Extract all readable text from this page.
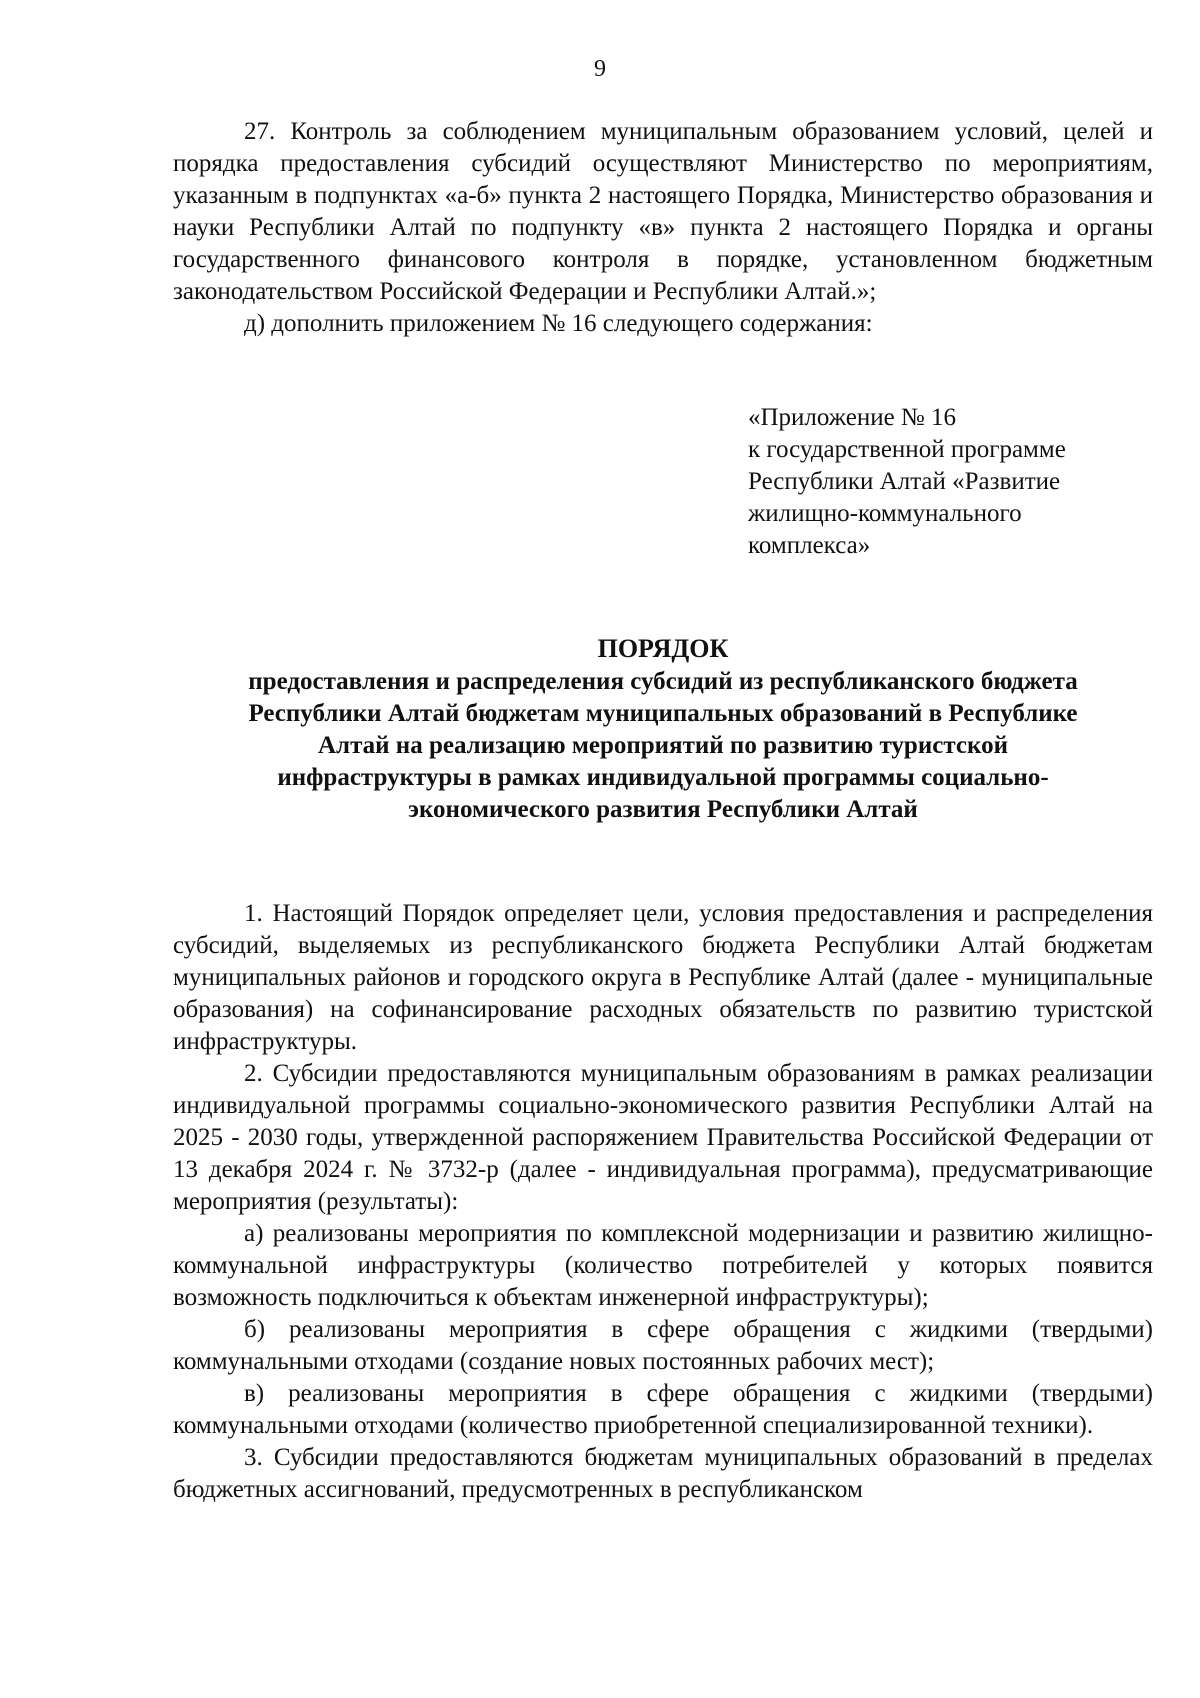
9

27. Контроль за соблюдением муниципальным образованием условий, целей и порядка предоставления субсидий осуществляют Министерство по мероприятиям, указанным в подпунктах «а-б» пункта 2 настоящего Порядка, Министерство образования и науки Республики Алтай по подпункту «в» пункта 2 настоящего Порядка и органы государственного финансового контроля в порядке, установленном бюджетным законодательством Российской Федерации и Республики Алтай.»;

д) дополнить приложением № 16 следующего содержания:

«Приложение № 16
к государственной программе
Республики Алтай «Развитие
жилищно-коммунального
комплекса»

ПОРЯДОК

предоставления и распределения субсидий из республиканского бюджета
Республики Алтай бюджетам муниципальных образований в Республике
Алтай на реализацию мероприятий по развитию туристской
инфраструктуры в рамках индивидуальной программы социально-
экономического развития Республики Алтай

1. Настоящий Порядок определяет цели, условия предоставления и распределения субсидий, выделяемых из республиканского бюджета Республики Алтай бюджетам муниципальных районов и городского округа в Республике Алтай (далее - муниципальные образования) на софинансирование расходных обязательств по развитию туристской инфраструктуры.

2. Субсидии предоставляются муниципальным образованиям в рамках реализации индивидуальной программы социально-экономического развития Республики Алтай на 2025 - 2030 годы, утвержденной распоряжением Правительства Российской Федерации от 13 декабря 2024 г. № 3732-р (далее - индивидуальная программа), предусматривающие мероприятия (результаты):

а) реализованы мероприятия по комплексной модернизации и развитию жилищно-коммунальной инфраструктуры (количество потребителей у которых появится возможность подключиться к объектам инженерной инфраструктуры);

б) реализованы мероприятия в сфере обращения с жидкими (твердыми) коммунальными отходами (создание новых постоянных рабочих мест);

в) реализованы мероприятия в сфере обращения с жидкими (твердыми) коммунальными отходами (количество приобретенной специализированной техники).

3. Субсидии предоставляются бюджетам муниципальных образований в пределах бюджетных ассигнований, предусмотренных в республиканском
